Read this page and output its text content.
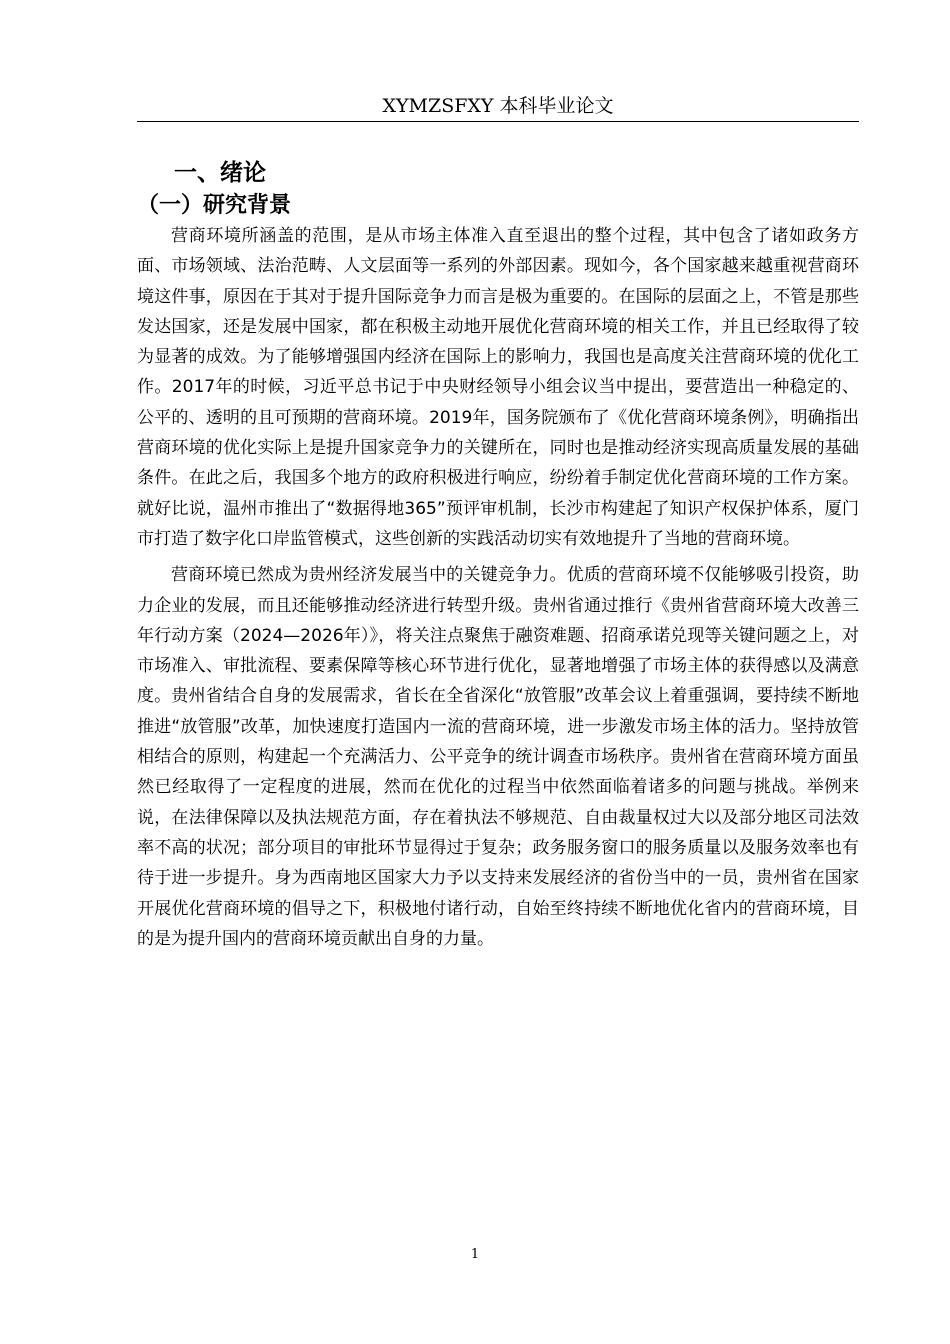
XYMZSFXY 本科毕业论文
一、绪论
（一）研究背景

营商环境所涵盖的范围，是从市场主体准入直至退出的整个过程，其中包含了诸如政务方面、市场领域、法治范畴、人文层面等一系列的外部因素。现如今，各个国家越来越重视营商环境这件事，原因在于其对于提升国际竞争力而言是极为重要的。在国际的层面之上，不管是那些发达国家，还是发展中国家，都在积极主动地开展优化营商环境的相关工作，并且已经取得了较为显著的成效。为了能够增强国内经济在国际上的影响力，我国也是高度关注营商环境的优化工作。2017年的时候，习近平总书记于中央财经领导小组会议当中提出，要营造出一种稳定的、公平的、透明的且可预期的营商环境。2019年，国务院颁布了《优化营商环境条例》，明确指出营商环境的优化实际上是提升国家竞争力的关键所在，同时也是推动经济实现高质量发展的基础条件。在此之后，我国多个地方的政府积极进行响应，纷纷着手制定优化营商环境的工作方案。就好比说，温州市推出了“数据得地365”预评审机制，长沙市构建起了知识产权保护体系，厦门市打造了数字化口岸监管模式，这些创新的实践活动切实有效地提升了当地的营商环境。

营商环境已然成为贵州经济发展当中的关键竞争力。优质的营商环境不仅能够吸引投资，助力企业的发展，而且还能够推动经济进行转型升级。贵州省通过推行《贵州省营商环境大改善三年行动方案（2024—2026年）》，将关注点聚焦于融资难题、招商承诺兑现等关键问题之上，对市场准入、审批流程、要素保障等核心环节进行优化，显著地增强了市场主体的获得感以及满意度。贵州省结合自身的发展需求，省长在全省深化“放管服”改革会议上着重强调，要持续不断地推进“放管服”改革，加快速度打造国内一流的营商环境，进一步激发市场主体的活力。坚持放管相结合的原则，构建起一个充满活力、公平竞争的统计调查市场秩序。贵州省在营商环境方面虽然已经取得了一定程度的进展，然而在优化的过程当中依然面临着诸多的问题与挑战。举例来说，在法律保障以及执法规范方面，存在着执法不够规范、自由裁量权过大以及部分地区司法效率不高的状况；部分项目的审批环节显得过于复杂；政务服务窗口的服务质量以及服务效率也有待于进一步提升。身为西南地区国家大力予以支持来发展经济的省份当中的一员，贵州省在国家开展优化营商环境的倡导之下，积极地付诸行动，自始至终持续不断地优化省内的营商环境，目的是为提升国内的营商环境贡献出自身的力量。

1
